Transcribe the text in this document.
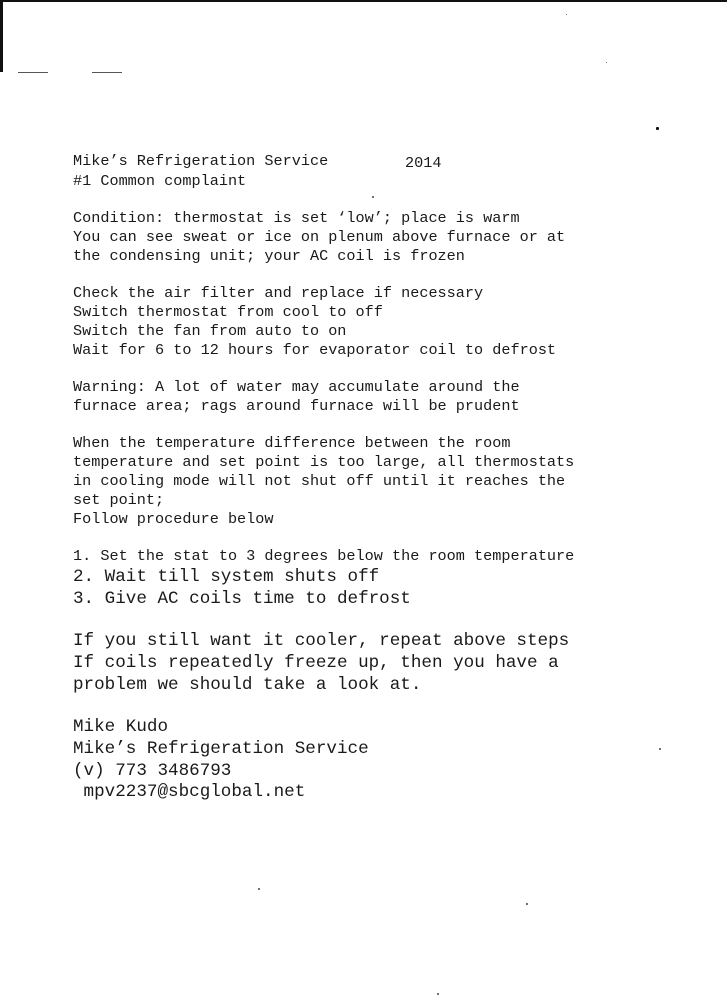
Mike’s Refrigeration Service	2014
#1 Common complaint
Condition: thermostat is set ‘low’; place is warm
You can see sweat or ice on plenum above furnace or at
the condensing unit; your AC coil is frozen
Check the air filter and replace if necessary
Switch thermostat from cool to off
Switch the fan from auto to on
Wait for 6 to 12 hours for evaporator coil to defrost
Warning: A lot of water may accumulate around the
furnace area; rags around furnace will be prudent
When the temperature difference between the room
temperature and set point is too large, all thermostats
in cooling mode will not shut off until it reaches the
set point;
Follow procedure below
1. Set the stat to 3 degrees below the room temperature
2. Wait till system shuts off
3. Give AC coils time to defrost
If you still want it cooler, repeat above steps
If coils repeatedly freeze up, then you have a
problem we should take a look at.
Mike Kudo
Mike’s Refrigeration Service
(v) 773 3486793
mpv2237@sbcglobal.net
